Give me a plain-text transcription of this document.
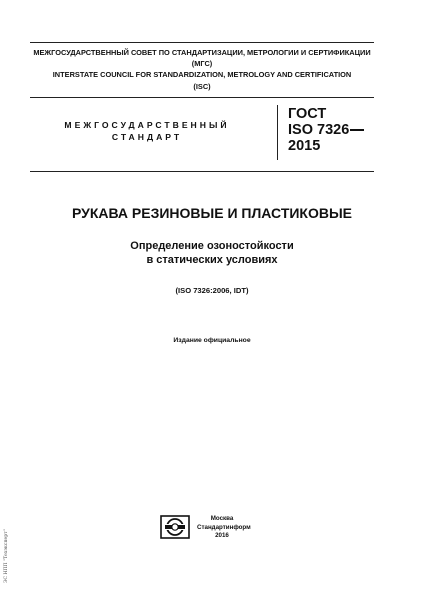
МЕЖГОСУДАРСТВЕННЫЙ СОВЕТ ПО СТАНДАРТИЗАЦИИ, МЕТРОЛОГИИ И СЕРТИФИКАЦИИ
(МГС)
INTERSTATE COUNCIL FOR STANDARDIZATION, METROLOGY AND CERTIFICATION
(ISC)
МЕЖГОСУДАРСТВЕННЫЙ
СТАНДАРТ
ГОСТ
ISO 7326
2015
РУКАВА РЕЗИНОВЫЕ И ПЛАСТИКОВЫЕ
Определение озоностойкости
в статических условиях
(ISO 7326:2006, IDT)
Издание официальное
Москва
Стандартинформ
2016
ЭС НПП "Техэксперт"
